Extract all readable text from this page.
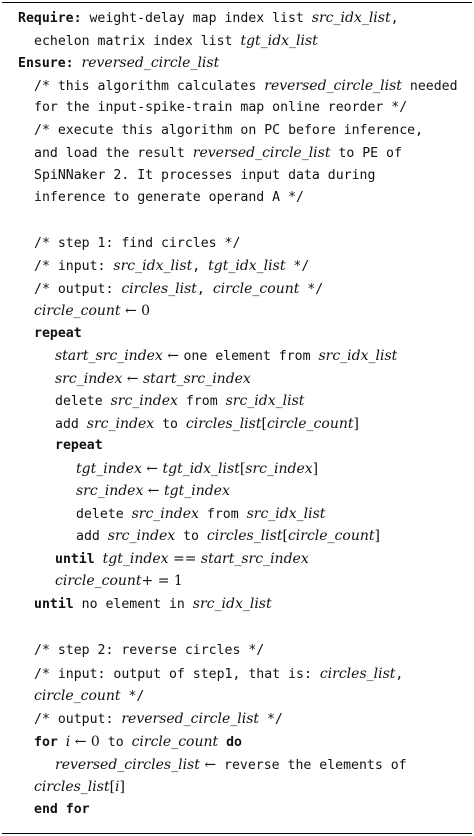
Require: weight-delay map index list src_idx_list,
echelon matrix index list tgt_idx_list
Ensure: reversed_circle_list
/* this algorithm calculates reversed_circle_list needed
for the input-spike-train map online reorder */
/* execute this algorithm on PC before inference,
and load the result reversed_circle_list to PE of
SpiNNaker 2. It processes input data during
inference to generate operand A */
/* step 1: find circles */
/* input: src_idx_list, tgt_idx_list */
/* output: circles_list, circle_count */
circle_count ← 0
repeat
start_src_index ← one element from src_idx_list
src_index ← start_src_index
delete src_index from src_idx_list
add src_index to circles_list[circle_count]
repeat
tgt_index ← tgt_idx_list[src_index]
src_index ← tgt_index
delete src_index from src_idx_list
add src_index to circles_list[circle_count]
until tgt_index == start_src_index
circle_count+ = 1
until no element in src_idx_list
/* step 2: reverse circles */
/* input: output of step1, that is: circles_list,
circle_count */
/* output: reversed_circle_list */
for i ← 0 to circle_count do
reversed_circles_list ← reverse the elements of
circles_list[i]
end for
